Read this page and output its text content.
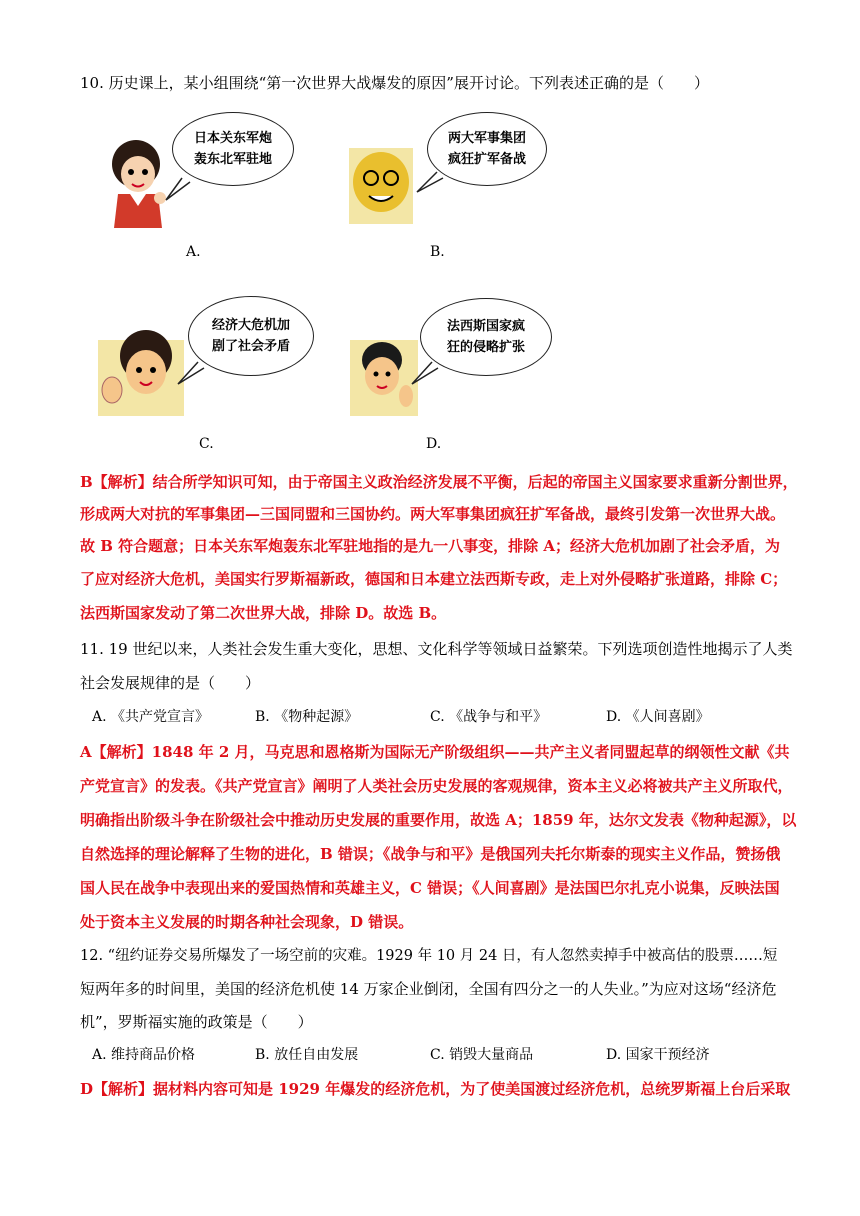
10. 历史课上，某小组围绕“第一次世界大战爆发的原因”展开讨论。下列表述正确的是（　　）
日本关东军炮
轰东北军驻地
两大军事集团
疯狂扩军备战
A.	B.
经济大危机加
剧了社会矛盾
法西斯国家疯
狂的侵略扩张
C.	D.
B【解析】结合所学知识可知，由于帝国主义政治经济发展不平衡，后起的帝国主义国家要求重新分割世界，
形成两大对抗的军事集团—三国同盟和三国协约。两大军事集团疯狂扩军备战，最终引发第一次世界大战。
故 B 符合题意；日本关东军炮轰东北军驻地指的是九一八事变，排除 A；经济大危机加剧了社会矛盾，为
了应对经济大危机，美国实行罗斯福新政，德国和日本建立法西斯专政，走上对外侵略扩张道路，排除 C；
法西斯国家发动了第二次世界大战，排除 D。故选 B。
11. 19 世纪以来，人类社会发生重大变化，思想、文化科学等领域日益繁荣。下列选项创造性地揭示了人类
社会发展规律的是（　　）
A. 《共产党宣言》	B. 《物种起源》	C. 《战争与和平》	D. 《人间喜剧》
A【解析】1848 年 2 月，马克思和恩格斯为国际无产阶级组织——共产主义者同盟起草的纲领性文献《共
产党宣言》的发表。《共产党宣言》阐明了人类社会历史发展的客观规律，资本主义必将被共产主义所取代，
明确指出阶级斗争在阶级社会中推动历史发展的重要作用，故选 A；1859 年，达尔文发表《物种起源》，以
自然选择的理论解释了生物的进化，B 错误；《战争与和平》是俄国列夫托尔斯泰的现实主义作品，赞扬俄
国人民在战争中表现出来的爱国热情和英雄主义，C 错误；《人间喜剧》是法国巴尔扎克小说集，反映法国
处于资本主义发展的时期各种社会现象，D 错误。
12. “纽约证券交易所爆发了一场空前的灾难。1929 年 10 月 24 日，有人忽然卖掉手中被高估的股票……短
短两年多的时间里，美国的经济危机使 14 万家企业倒闭，全国有四分之一的人失业。”为应对这场“经济危
机”，罗斯福实施的政策是（　　）
A. 维持商品价格	B. 放任自由发展	C. 销毁大量商品	D. 国家干预经济
D【解析】据材料内容可知是 1929 年爆发的经济危机，为了使美国渡过经济危机，总统罗斯福上台后采取
